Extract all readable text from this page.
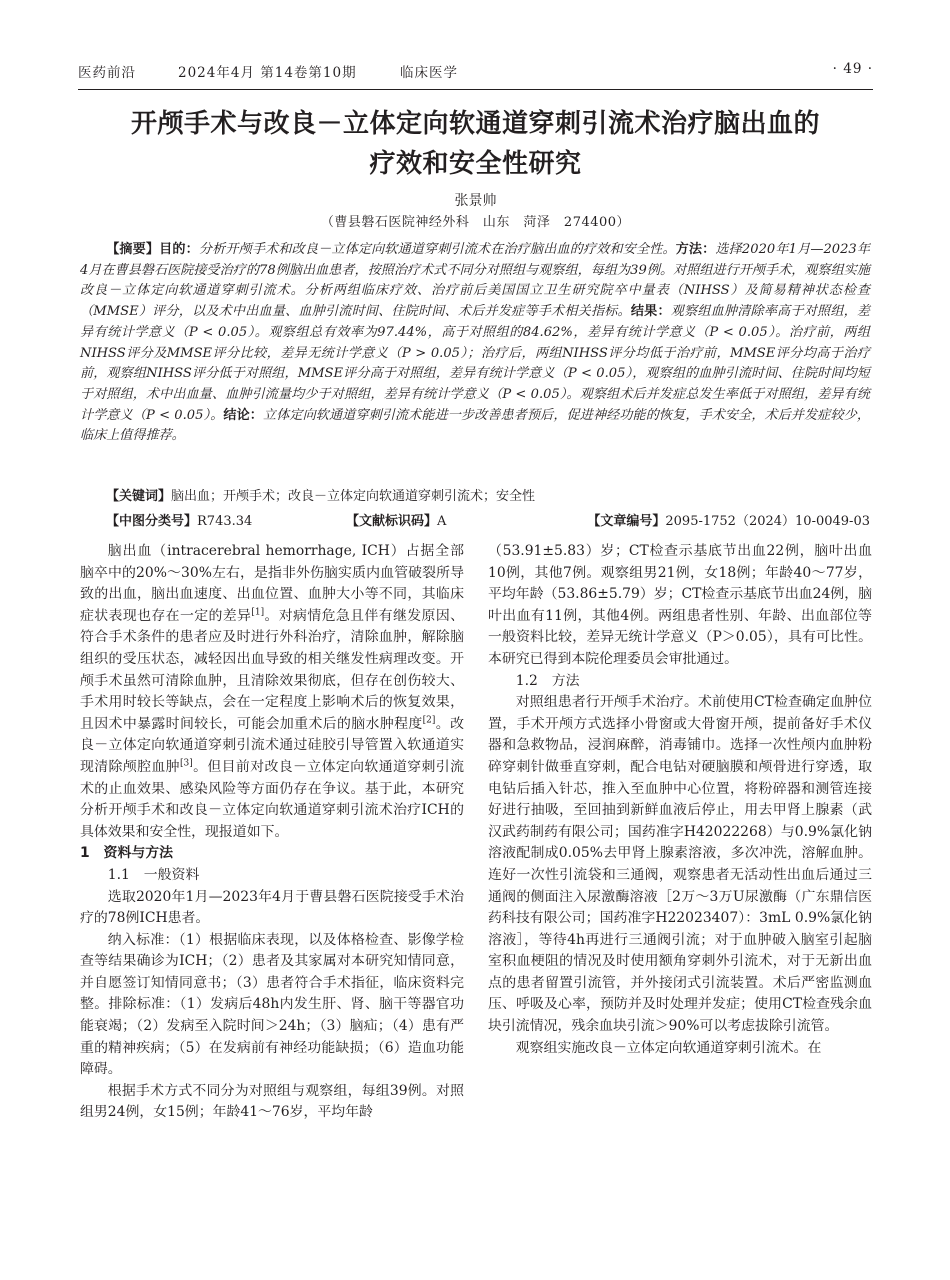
医药前沿	2024年4月 第14卷第10期	临床医学	· 49 ·
开颅手术与改良－立体定向软通道穿刺引流术治疗脑出血的
疗效和安全性研究
张景帅
（曹县磐石医院神经外科　山东　菏泽　274400）

【摘要】目的：分析开颅手术和改良－立体定向软通道穿刺引流术在治疗脑出血的疗效和安全性。方法：选择2020年1月—2023年4月在曹县磐石医院接受治疗的78例脑出血患者，按照治疗术式不同分对照组与观察组，每组为39例。对照组进行开颅手术，观察组实施改良－立体定向软通道穿刺引流术。分析两组临床疗效、治疗前后美国国立卫生研究院卒中量表（NIHSS）及简易精神状态检查（MMSE）评分，以及术中出血量、血肿引流时间、住院时间、术后并发症等手术相关指标。结果：观察组血肿清除率高于对照组，差异有统计学意义（P < 0.05）。观察组总有效率为97.44%，高于对照组的84.62%，差异有统计学意义（P < 0.05）。治疗前，两组NIHSS评分及MMSE评分比较，差异无统计学意义（P > 0.05）；治疗后，两组NIHSS评分均低于治疗前，MMSE评分均高于治疗前，观察组NIHSS评分低于对照组，MMSE评分高于对照组，差异有统计学意义（P < 0.05），观察组的血肿引流时间、住院时间均短于对照组，术中出血量、血肿引流量均少于对照组，差异有统计学意义（P < 0.05）。观察组术后并发症总发生率低于对照组，差异有统计学意义（P < 0.05）。结论：立体定向软通道穿刺引流术能进一步改善患者预后，促进神经功能的恢复，手术安全，术后并发症较少，临床上值得推荐。

【关键词】脑出血；开颅手术；改良－立体定向软通道穿刺引流术；安全性
【中图分类号】R743.34	【文献标识码】A	【文章编号】2095-1752（2024）10-0049-03

脑出血（intracerebral hemorrhage, ICH）占据全部脑卒中的20%～30%左右，是指非外伤脑实质内血管破裂所导致的出血，脑出血速度、出血位置、血肿大小等不同，其临床症状表现也存在一定的差异[1]。对病情危急且伴有继发原因、符合手术条件的患者应及时进行外科治疗，清除血肿，解除脑组织的受压状态，减轻因出血导致的相关继发性病理改变。开颅手术虽然可清除血肿，且清除效果彻底，但存在创伤较大、手术用时较长等缺点，会在一定程度上影响术后的恢复效果，且因术中暴露时间较长，可能会加重术后的脑水肿程度[2]。改良－立体定向软通道穿刺引流术通过硅胶引导管置入软通道实现清除颅腔血肿[3]。但目前对改良－立体定向软通道穿刺引流术的止血效果、感染风险等方面仍存在争议。基于此，本研究分析开颅手术和改良－立体定向软通道穿刺引流术治疗ICH的具体效果和安全性，现报道如下。

1　资料与方法
1.1　一般资料

选取2020年1月—2023年4月于曹县磐石医院接受手术治疗的78例ICH患者。

纳入标准：（1）根据临床表现，以及体格检查、影像学检查等结果确诊为ICH；（2）患者及其家属对本研究知情同意，并自愿签订知情同意书；（3）患者符合手术指征，临床资料完整。排除标准：（1）发病后48h内发生肝、肾、脑干等器官功能衰竭；（2）发病至入院时间＞24h；（3）脑疝；（4）患有严重的精神疾病；（5）在发病前有神经功能缺损；（6）造血功能障碍。

根据手术方式不同分为对照组与观察组，每组39例。对照组男24例，女15例；年龄41～76岁，平均年龄

（53.91±5.83）岁；CT检查示基底节出血22例，脑叶出血10例，其他7例。观察组男21例，女18例；年龄40～77岁，平均年龄（53.86±5.79）岁；CT检查示基底节出血24例，脑叶出血有11例，其他4例。两组患者性别、年龄、出血部位等一般资料比较，差异无统计学意义（P＞0.05），具有可比性。本研究已得到本院伦理委员会审批通过。

1.2　方法

对照组患者行开颅手术治疗。术前使用CT检查确定血肿位置，手术开颅方式选择小骨窗或大骨窗开颅，提前备好手术仪器和急救物品，浸润麻醉，消毒铺巾。选择一次性颅内血肿粉碎穿刺针做垂直穿刺，配合电钻对硬脑膜和颅骨进行穿透，取电钻后插入针芯，推入至血肿中心位置，将粉碎器和测管连接好进行抽吸，至回抽到新鲜血液后停止，用去甲肾上腺素（武汉武药制药有限公司；国药准字H42022268）与0.9%氯化钠溶液配制成0.05%去甲肾上腺素溶液，多次冲洗，溶解血肿。连好一次性引流袋和三通阀，观察患者无活动性出血后通过三通阀的侧面注入尿激酶溶液［2万～3万U尿激酶（广东鼎信医药科技有限公司；国药准字H22023407）：3mL 0.9%氯化钠溶液］，等待4h再进行三通阀引流；对于血肿破入脑室引起脑室积血梗阻的情况及时使用额角穿刺外引流术，对于无新出血点的患者留置引流管，并外接闭式引流装置。术后严密监测血压、呼吸及心率，预防并及时处理并发症；使用CT检查残余血块引流情况，残余血块引流＞90%可以考虑拔除引流管。

观察组实施改良－立体定向软通道穿刺引流术。在
